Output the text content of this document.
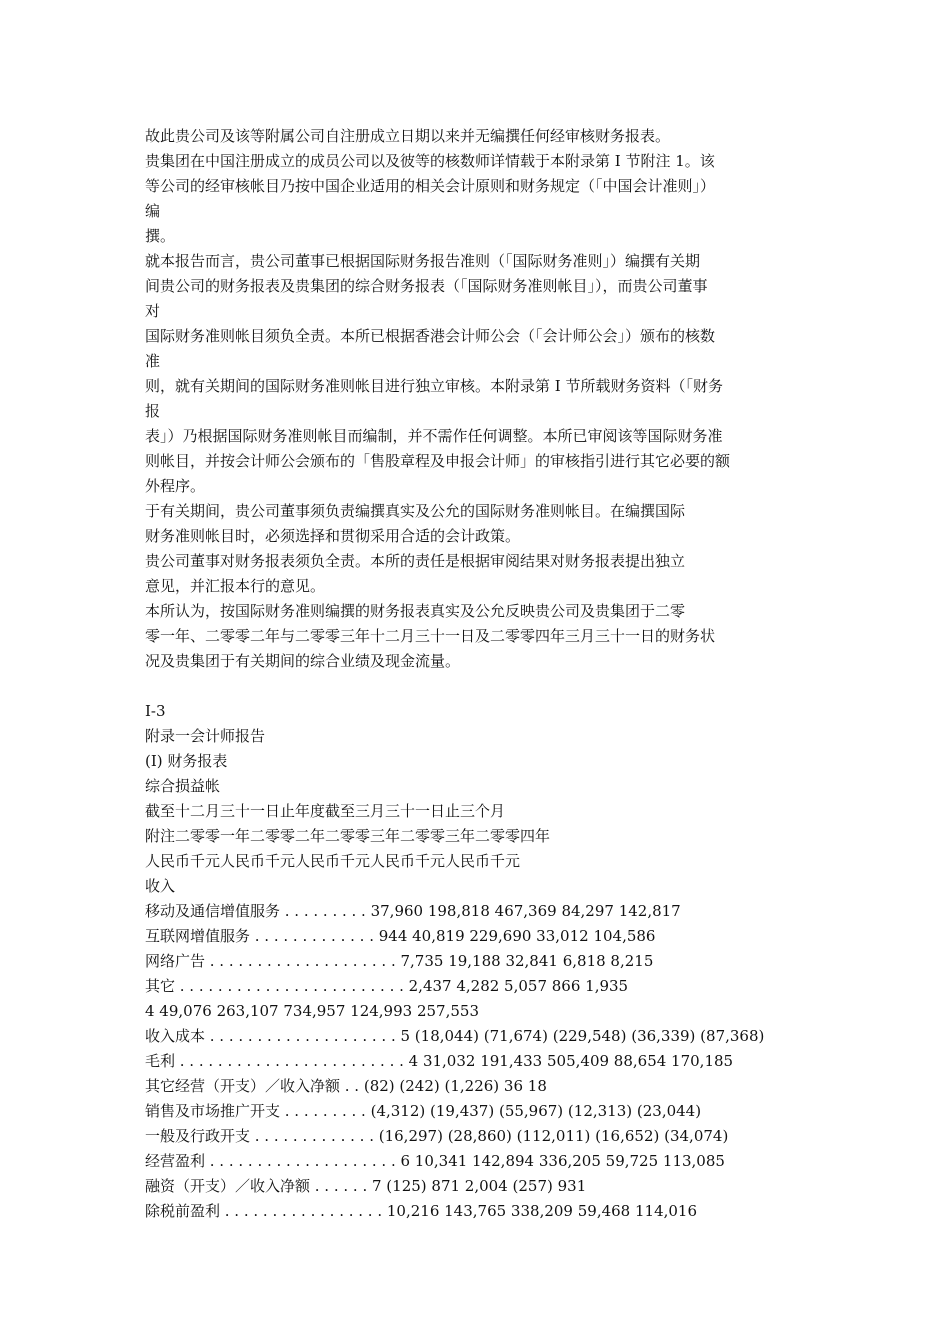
故此贵公司及该等附属公司自注册成立日期以来并无编撰任何经审核财务报表。
贵集团在中国注册成立的成员公司以及彼等的核数师详情载于本附录第 I 节附注 1。该
等公司的经审核帐目乃按中国企业适用的相关会计原则和财务规定（「中国会计准则」）
编
撰。
就本报告而言，贵公司董事已根据国际财务报告准则（「国际财务准则」）编撰有关期
间贵公司的财务报表及贵集团的综合财务报表（「国际财务准则帐目」），而贵公司董事
对
国际财务准则帐目须负全责。本所已根据香港会计师公会（「会计师公会」）颁布的核数
准
则，就有关期间的国际财务准则帐目进行独立审核。本附录第 I 节所载财务资料（「财务
报
表」）乃根据国际财务准则帐目而编制，并不需作任何调整。本所已审阅该等国际财务准
则帐目，并按会计师公会颁布的「售股章程及申报会计师」的审核指引进行其它必要的额
外程序。
于有关期间，贵公司董事须负责编撰真实及公允的国际财务准则帐目。在编撰国际
财务准则帐目时，必须选择和贯彻采用合适的会计政策。
贵公司董事对财务报表须负全责。本所的责任是根据审阅结果对财务报表提出独立
意见，并汇报本行的意见。
本所认为，按国际财务准则编撰的财务报表真实及公允反映贵公司及贵集团于二零
零一年、二零零二年与二零零三年十二月三十一日及二零零四年三月三十一日的财务状
况及贵集团于有关期间的综合业绩及现金流量。
I-3
附录一会计师报告
(I) 财务报表
综合损益帐
截至十二月三十一日止年度截至三月三十一日止三个月
附注二零零一年二零零二年二零零三年二零零三年二零零四年
人民币千元人民币千元人民币千元人民币千元人民币千元
收入
移动及通信增值服务 . . . . . . . . . 37,960 198,818 467,369 84,297 142,817
互联网增值服务 . . . . . . . . . . . . . 944 40,819 229,690 33,012 104,586
网络广告 . . . . . . . . . . . . . . . . . . . . 7,735 19,188 32,841 6,818 8,215
其它 . . . . . . . . . . . . . . . . . . . . . . . . 2,437 4,282 5,057 866 1,935
4 49,076 263,107 734,957 124,993 257,553
收入成本 . . . . . . . . . . . . . . . . . . . . 5 (18,044) (71,674) (229,548) (36,339) (87,368)
毛利 . . . . . . . . . . . . . . . . . . . . . . . . 4 31,032 191,433 505,409 88,654 170,185
其它经营（开支）／收入净额 . . (82) (242) (1,226) 36 18
销售及市场推广开支 . . . . . . . . . (4,312) (19,437) (55,967) (12,313) (23,044)
一般及行政开支 . . . . . . . . . . . . . (16,297) (28,860) (112,011) (16,652) (34,074)
经营盈利 . . . . . . . . . . . . . . . . . . . . 6 10,341 142,894 336,205 59,725 113,085
融资（开支）／收入净额 . . . . . . 7 (125) 871 2,004 (257) 931
除税前盈利 . . . . . . . . . . . . . . . . . 10,216 143,765 338,209 59,468 114,016
